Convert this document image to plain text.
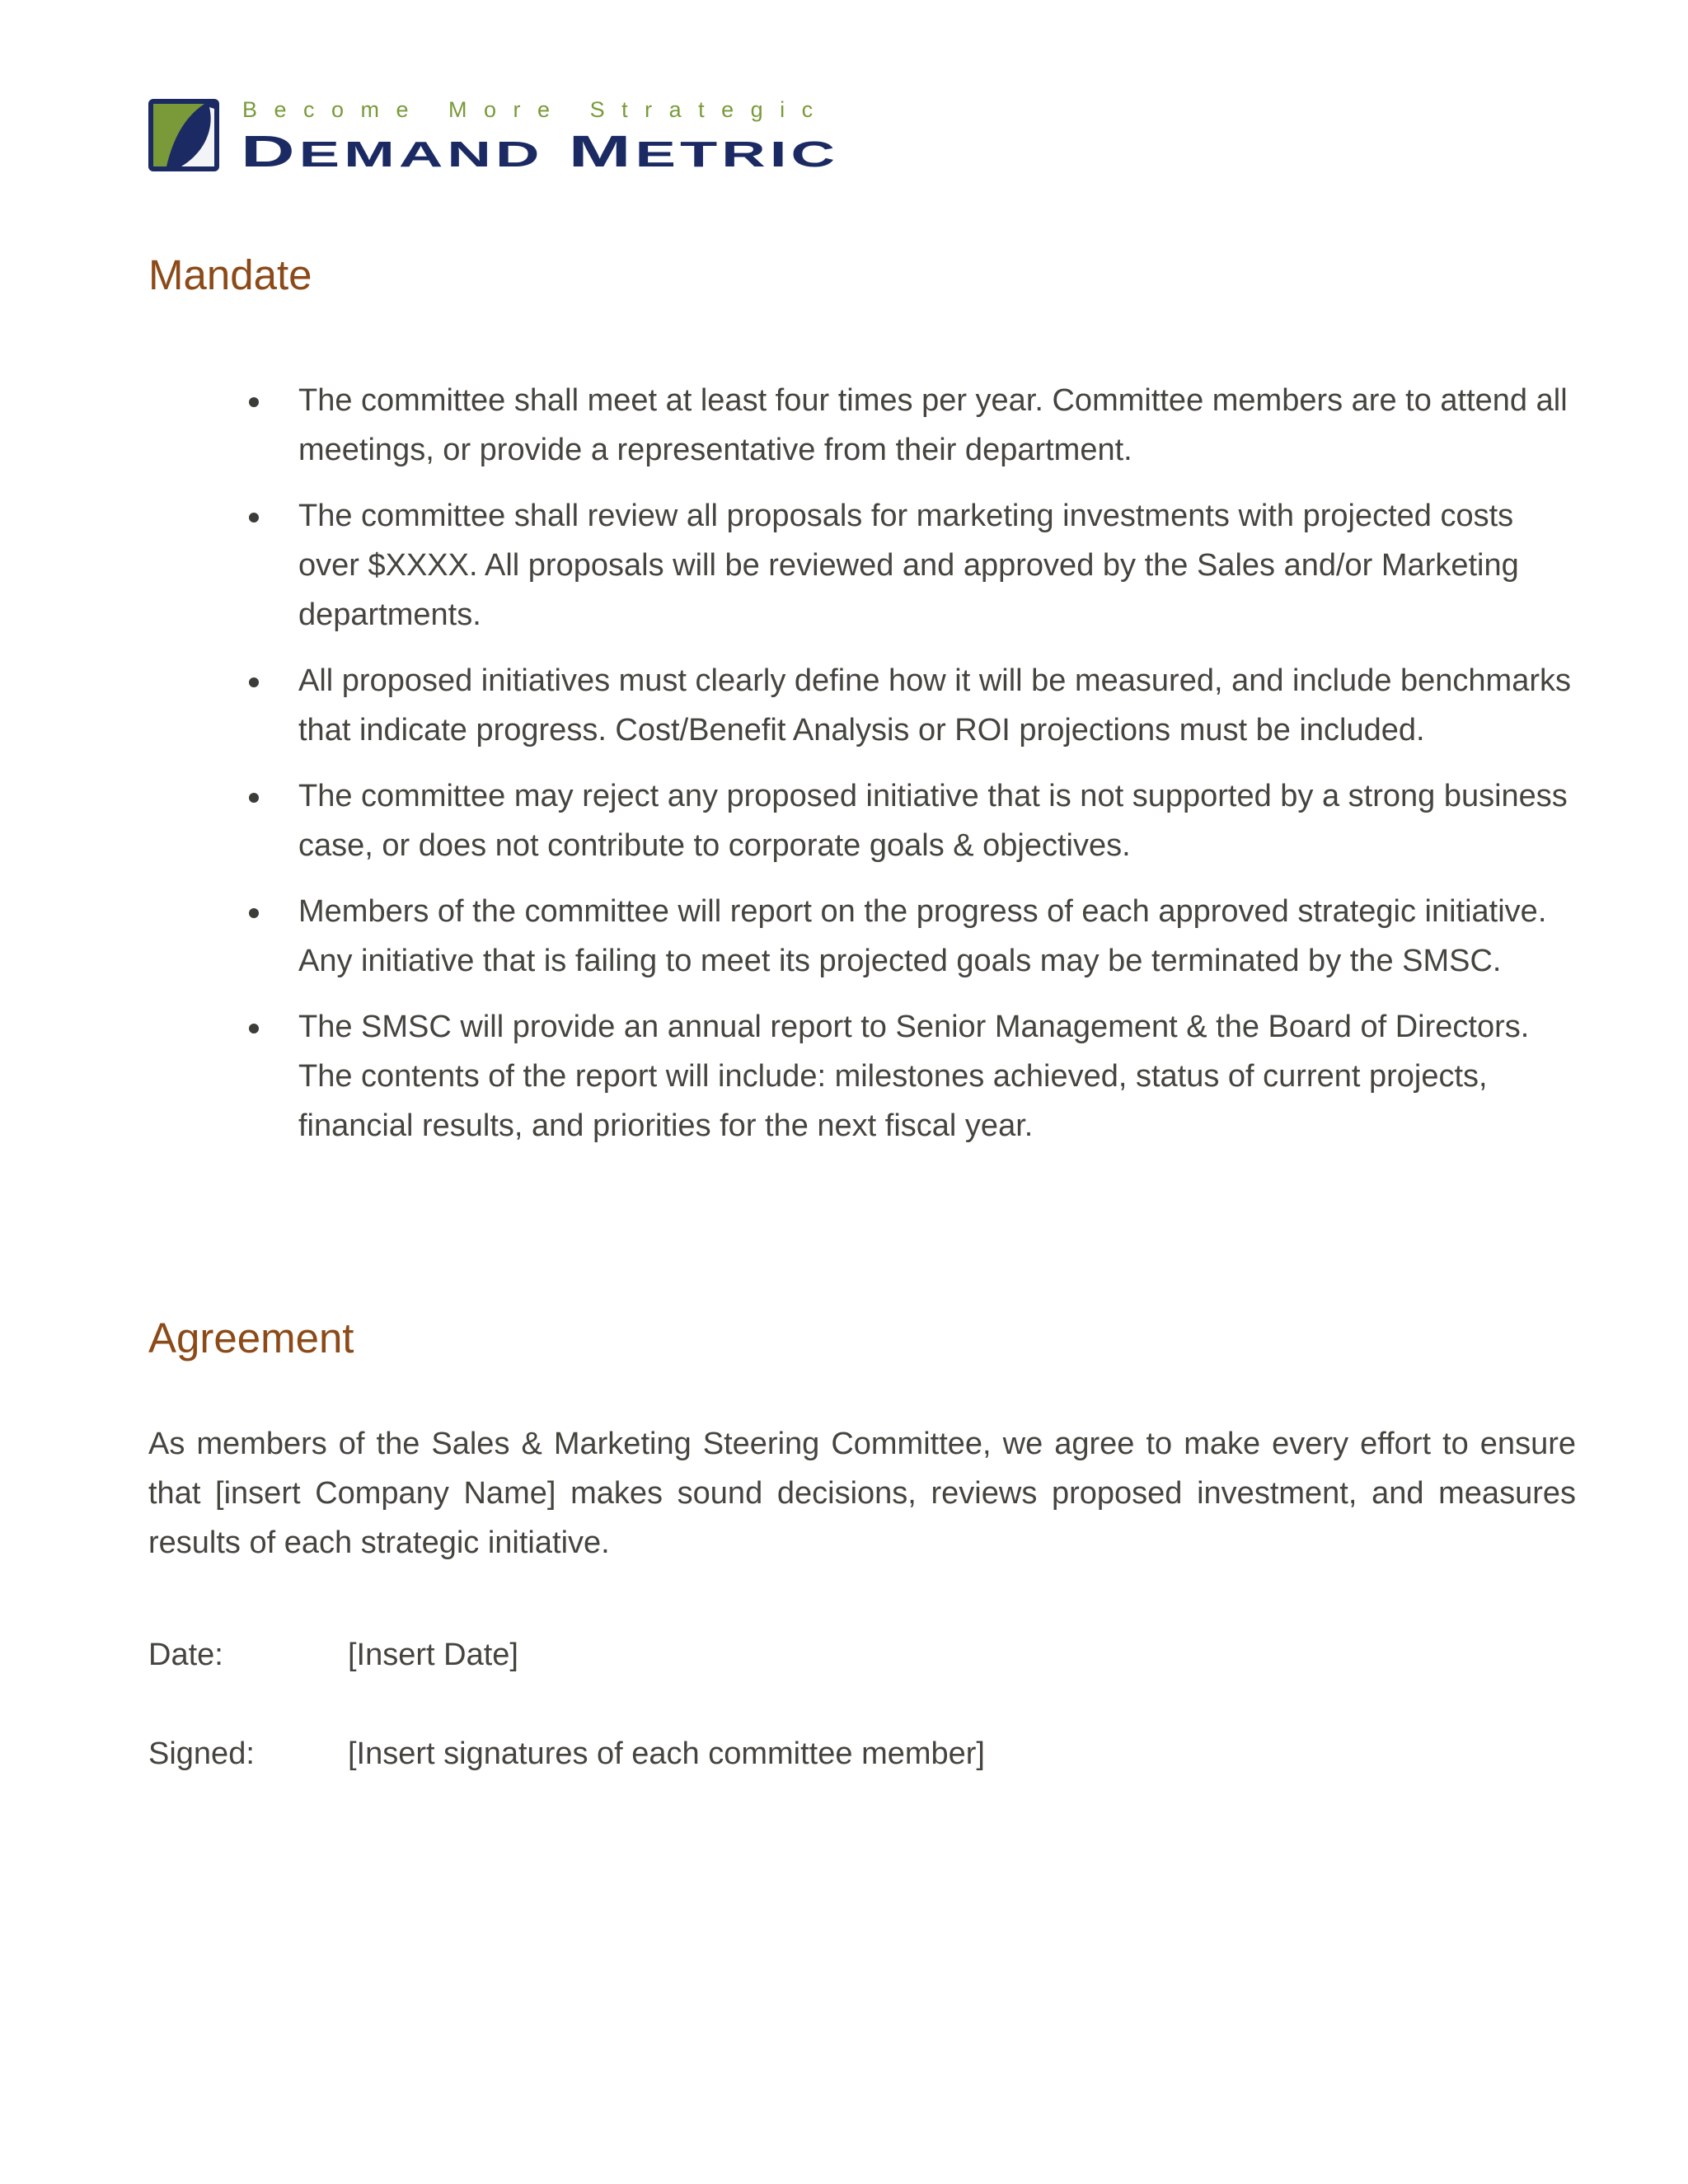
Become More Strategic
D EMAND M ETRIC
Mandate
The committee shall meet at least four times per year. Committee members are to attend all meetings, or provide a representative from their department.
The committee shall review all proposals for marketing investments with projected costs over $XXXX. All proposals will be reviewed and approved by the Sales and/or Marketing departments.
All proposed initiatives must clearly define how it will be measured, and include benchmarks that indicate progress. Cost/Benefit Analysis or ROI projections must be included.
The committee may reject any proposed initiative that is not supported by a strong business case, or does not contribute to corporate goals & objectives.
Members of the committee will report on the progress of each approved strategic initiative. Any initiative that is failing to meet its projected goals may be terminated by the SMSC.
The SMSC will provide an annual report to Senior Management & the Board of Directors. The contents of the report will include: milestones achieved, status of current projects, financial results, and priorities for the next fiscal year.
Agreement

As members of the Sales & Marketing Steering Committee, we agree to make every effort to ensure that [insert Company Name] makes sound decisions, reviews proposed investment, and measures results of each strategic initiative.

Date:	[Insert Date]
Signed:	[Insert signatures of each committee member]
